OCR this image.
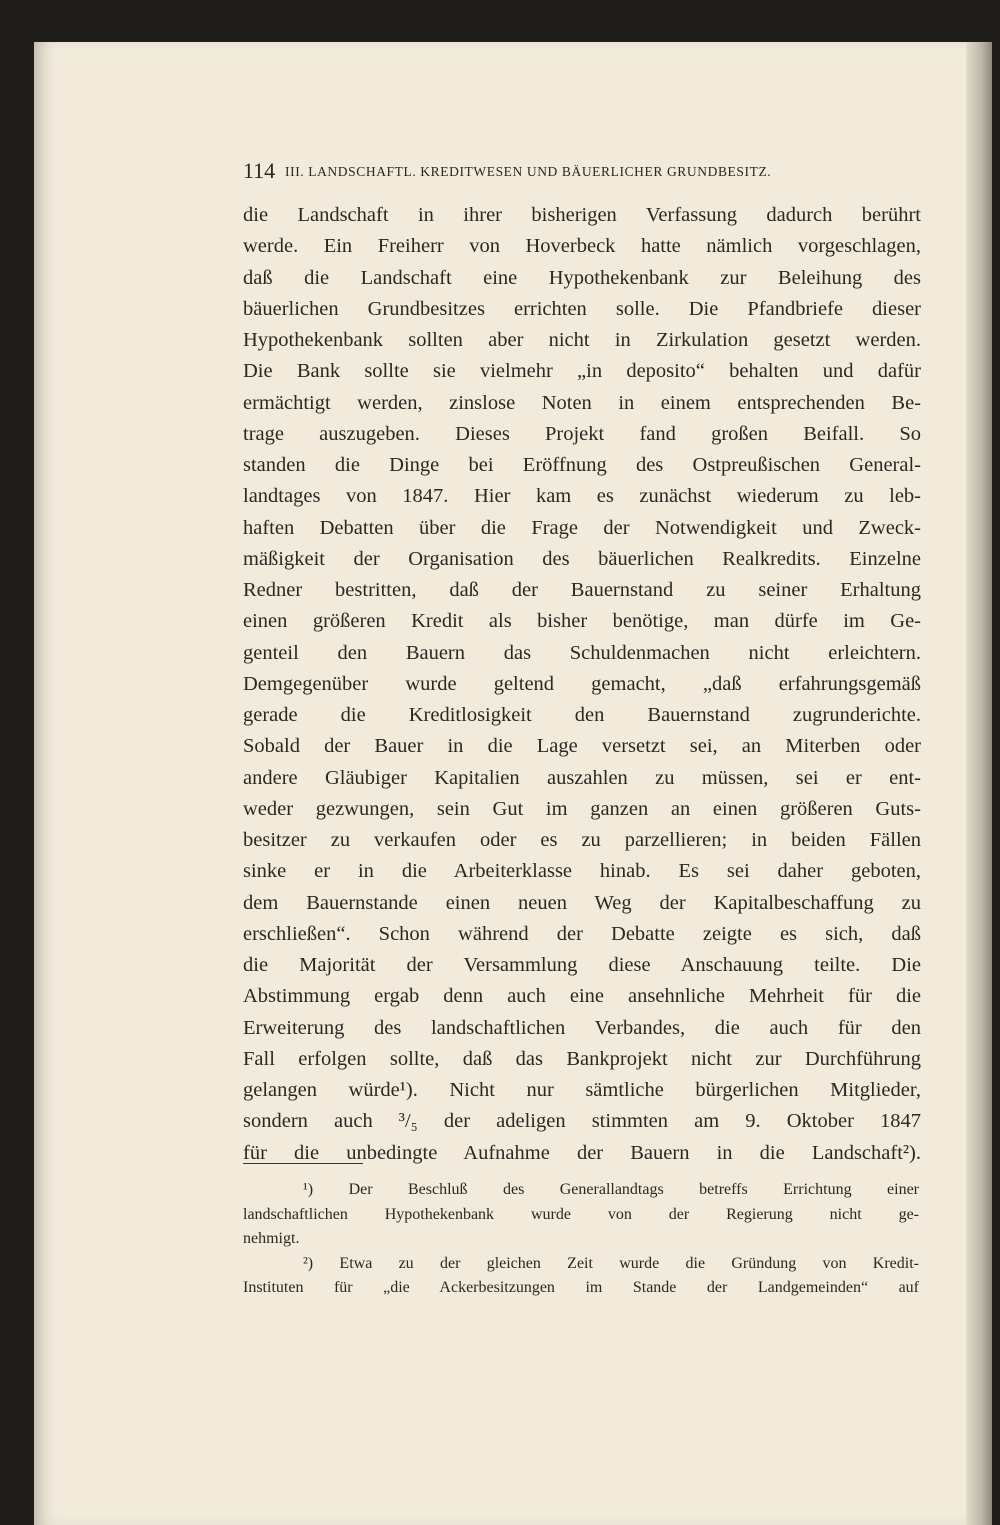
114 III. LANDSCHAFTL. KREDITWESEN UND BÄUERLICHER GRUNDBESITZ.
die Landschaft in ihrer bisherigen Verfassung dadurch berührt
werde. Ein Freiherr von Hoverbeck hatte nämlich vorgeschlagen,
daß die Landschaft eine Hypothekenbank zur Beleihung des
bäuerlichen Grundbesitzes errichten solle. Die Pfandbriefe dieser
Hypothekenbank sollten aber nicht in Zirkulation gesetzt werden.
Die Bank sollte sie vielmehr „in deposito“ behalten und dafür
ermächtigt werden, zinslose Noten in einem entsprechenden Be-
trage auszugeben. Dieses Projekt fand großen Beifall. So
standen die Dinge bei Eröffnung des Ostpreußischen General-
landtages von 1847. Hier kam es zunächst wiederum zu leb-
haften Debatten über die Frage der Notwendigkeit und Zweck-
mäßigkeit der Organisation des bäuerlichen Realkredits. Einzelne
Redner bestritten, daß der Bauernstand zu seiner Erhaltung
einen größeren Kredit als bisher benötige, man dürfe im Ge-
genteil den Bauern das Schuldenmachen nicht erleichtern.
Demgegenüber wurde geltend gemacht, „daß erfahrungsgemäß
gerade die Kreditlosigkeit den Bauernstand zugrunderichte.
Sobald der Bauer in die Lage versetzt sei, an Miterben oder
andere Gläubiger Kapitalien auszahlen zu müssen, sei er ent-
weder gezwungen, sein Gut im ganzen an einen größeren Guts-
besitzer zu verkaufen oder es zu parzellieren; in beiden Fällen
sinke er in die Arbeiterklasse hinab. Es sei daher geboten,
dem Bauernstande einen neuen Weg der Kapitalbeschaffung zu
erschließen“. Schon während der Debatte zeigte es sich, daß
die Majorität der Versammlung diese Anschauung teilte. Die
Abstimmung ergab denn auch eine ansehnliche Mehrheit für die
Erweiterung des landschaftlichen Verbandes, die auch für den
Fall erfolgen sollte, daß das Bankprojekt nicht zur Durchführung
gelangen würde¹). Nicht nur sämtliche bürgerlichen Mitglieder,
sondern auch ³/₅ der adeligen stimmten am 9. Oktober 1847
für die unbedingte Aufnahme der Bauern in die Landschaft²).
¹) Der Beschluß des Generallandtags betreffs Errichtung einer
landschaftlichen Hypothekenbank wurde von der Regierung nicht ge-
nehmigt.
²) Etwa zu der gleichen Zeit wurde die Gründung von Kredit-
Instituten für „die Ackerbesitzungen im Stande der Landgemeinden“ auf
